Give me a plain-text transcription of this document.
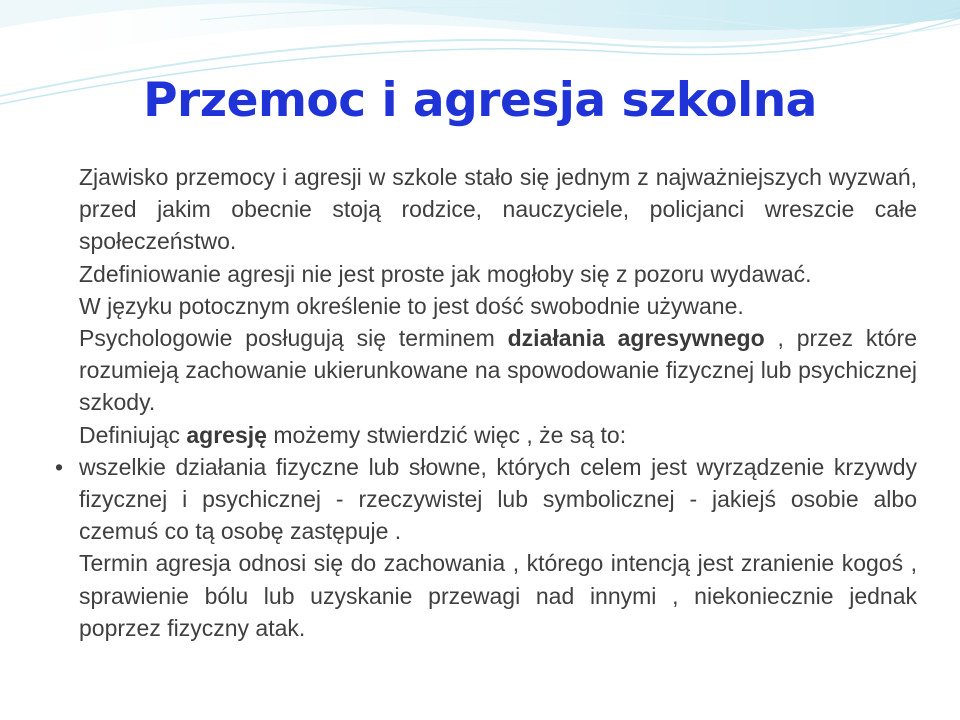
Przemoc i agresja szkolna

Zjawisko przemocy i agresji w szkole stało się jednym z najważniejszych wyzwań, przed jakim obecnie stoją rodzice, nauczyciele, policjanci wreszcie całe społeczeństwo.

Zdefiniowanie agresji nie jest proste jak mogłoby się z pozoru wydawać.

W języku potocznym określenie to jest dość swobodnie używane.

Psychologowie posługują się terminem działania agresywnego , przez które rozumieją zachowanie ukierunkowane na spowodowanie fizycznej lub psychicznej szkody.

Definiując agresję możemy stwierdzić więc , że są to:

• wszelkie działania fizyczne lub słowne, których celem jest wyrządzenie krzywdy fizycznej i psychicznej - rzeczywistej lub symbolicznej - jakiejś osobie albo czemuś co tą osobę zastępuje .

Termin agresja odnosi się do zachowania , którego intencją jest zranienie kogoś , sprawienie bólu lub uzyskanie przewagi nad innymi , niekoniecznie jednak poprzez fizyczny atak.
